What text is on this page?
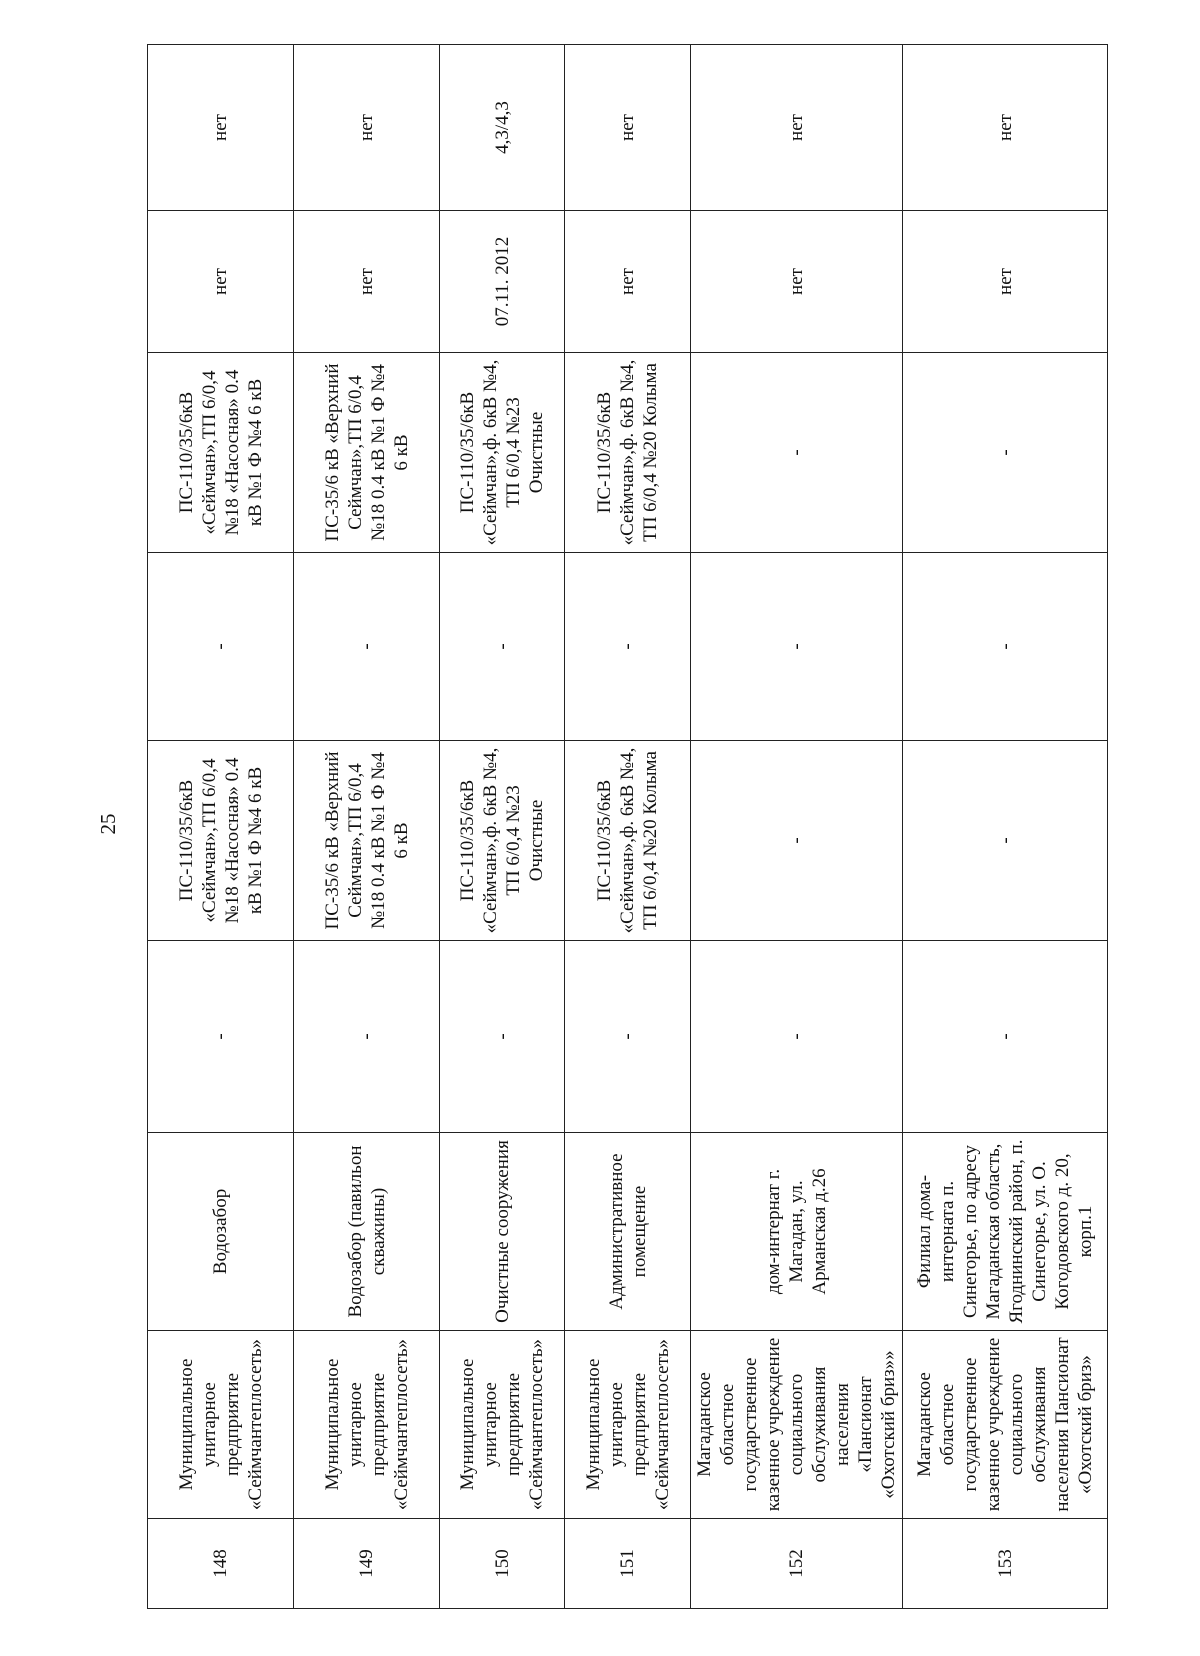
25
148	Муниципальное унитарное предприятие «Сеймчантеплосеть»	Водозабор	-	ПС-110/35/6кВ «Сеймчан»,ТП 6/0,4 №18 «Насосная» 0.4 кВ №1 Ф №4 6 кВ	-	ПС-110/35/6кВ «Сеймчан»,ТП 6/0,4 №18 «Насосная» 0.4 кВ №1 Ф №4 6 кВ	нет	нет
149	Муниципальное унитарное предприятие «Сеймчантеплосеть»	Водозабор (павильон скважины)	-	ПС-35/6 кВ «Верхний Сеймчан»,ТП 6/0,4 №18 0.4 кВ №1 Ф №4 6 кВ	-	ПС-35/6 кВ «Верхний Сеймчан»,ТП 6/0,4 №18 0.4 кВ №1 Ф №4 6 кВ	нет	нет
150	Муниципальное унитарное предприятие «Сеймчантеплосеть»	Очистные сооружения	-	ПС-110/35/6кВ «Сеймчан»,ф. 6кВ №4, ТП 6/0,4 №23 Очистные	-	ПС-110/35/6кВ «Сеймчан»,ф. 6кВ №4, ТП 6/0,4 №23 Очистные	07.11. 2012	4,3/4,3
151	Муниципальное унитарное предприятие «Сеймчантеплосеть»	Административное помещение	-	ПС-110/35/6кВ «Сеймчан»,ф. 6кВ №4, ТП 6/0,4 №20 Колыма	-	ПС-110/35/6кВ «Сеймчан»,ф. 6кВ №4, ТП 6/0,4 №20 Колыма	нет	нет
152	Магаданское областное государственное казенное учреждение социального обслуживания населения «Пансионат «Охотский бриз»»	дом-интернат г. Магадан, ул. Арманская д.26	-	-	-	-	нет	нет
153	Магаданское областное государственное казенное учреждение социального обслуживания населения Пансионат «Охотский бриз»	Филиал дома-интерната п. Синегорье, по адресу Магаданская область, Ягоднинский район, п. Синегорье, ул. О. Когодовского д. 20, корп.1	-	-	-	-	нет	нет
